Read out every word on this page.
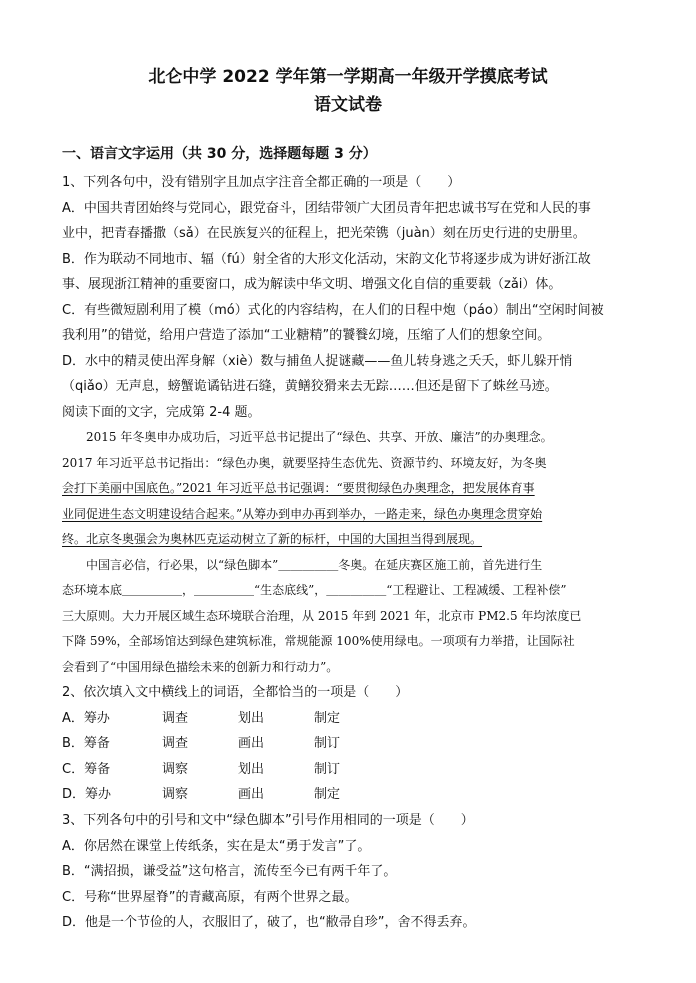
北仑中学 2022 学年第一学期高一年级开学摸底考试
语文试卷
一、语言文字运用（共 30 分，选择题每题 3 分）
1、下列各句中，没有错别字且加点字注音全都正确的一项是（　　）
A．中国共青团始终与党同心，跟党奋斗，团结带领广大团员青年把忠诚书写在党和人民的事
业中，把青春播撒（sǎ）在民族复兴的征程上，把光荣镌（juàn）刻在历史行进的史册里。
B．作为联动不同地市、辐（fú）射全省的大形文化活动，宋韵文化节将逐步成为讲好浙江故
事、展现浙江精神的重要窗口，成为解读中华文明、增强文化自信的重要载（zǎi）体。
C．有些微短剧利用了模（mó）式化的内容结构，在人们的日程中炮（páo）制出“空闲时间被
我利用”的错觉，给用户营造了添加“工业糖精”的饕餮幻境，压缩了人们的想象空间。
D．水中的精灵使出浑身解（xiè）数与捕鱼人捉谜藏——鱼儿转身逃之夭夭，虾儿躲开悄
（qiǎo）无声息，螃蟹诡谲钻进石缝，黄鳝狡猾来去无踪……但还是留下了蛛丝马迹。
阅读下面的文字，完成第 2-4 题。
　　2015 年冬奥申办成功后，习近平总书记提出了“绿色、共享、开放、廉洁”的办奥理念。
2017 年习近平总书记指出：“绿色办奥，就要坚持生态优先、资源节约、环境友好，为冬奥
会打下美丽中国底色。”2021 年习近平总书记强调：“要贯彻绿色办奥理念，把发展体育事
业同促进生态文明建设结合起来。”从筹办到申办再到举办，一路走来，绿色办奥理念贯穿始
终。北京冬奥强会为奥林匹克运动树立了新的标杆，中国的大国担当得到展现。
　　中国言必信，行必果，以“绿色脚本”＿＿＿＿＿冬奥。在延庆赛区施工前，首先进行生
态环境本底＿＿＿＿＿，＿＿＿＿＿“生态底线”，＿＿＿＿＿“工程避让、工程减缓、工程补偿”
三大原则。大力开展区域生态环境联合治理，从 2015 年到 2021 年，北京市 PM2.5 年均浓度已
下降 59%，全部场馆达到绿色建筑标准，常规能源 100%使用绿电。一项项有力举措，让国际社
会看到了“中国用绿色描绘未来的创新力和行动力”。
2、依次填入文中横线上的词语，全都恰当的一项是（　　）
A．筹办	调查	划出	制定
B．筹备	调查	画出	制订
C．筹备	调察	划出	制订
D．筹办	调察	画出	制定
3、下列各句中的引号和文中“绿色脚本”引号作用相同的一项是（　　）
A．你居然在课堂上传纸条，实在是太“勇于发言”了。
B．“满招损，谦受益”这句格言，流传至今已有两千年了。
C．号称“世界屋脊”的青藏高原，有两个世界之最。
D．他是一个节俭的人，衣服旧了，破了，也“敝帚自珍”，舍不得丢弃。
